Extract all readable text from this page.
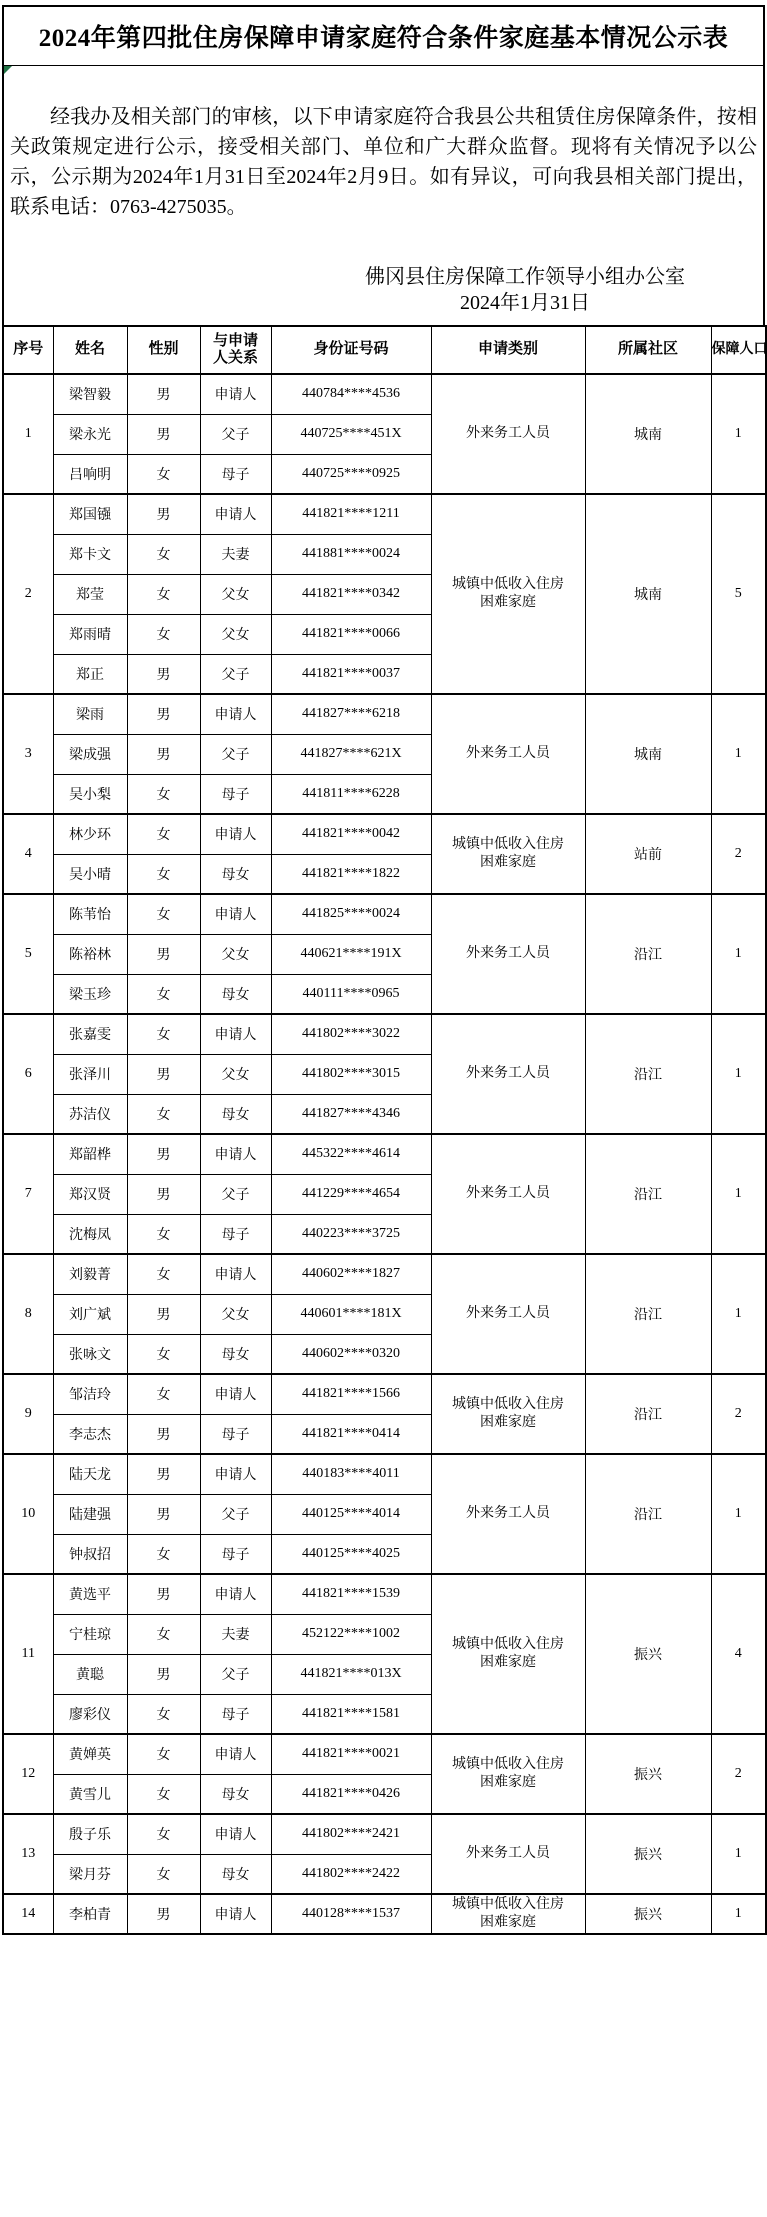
2024年第四批住房保障申请家庭符合条件家庭基本情况公示表

经我办及相关部门的审核，以下申请家庭符合我县公共租赁住房保障条件，按相关政策规定进行公示，接受相关部门、单位和广大群众监督。现将有关情况予以公示，公示期为2024年1月31日至2024年2月9日。如有异议，可向我县相关部门提出，联系电话：0763-4275035。

佛冈县住房保障工作领导小组办公室
2024年1月31日
序号	姓名	性别	与申请人关系	身份证号码	申请类别	所属社区	保障人口
1	梁智毅	男	申请人	440784****4536	外来务工人员	城南	1
	梁永光	男	父子	440725****451X			
	吕响明	女	母子	440725****0925			
2	郑国镪	男	申请人	441821****1211	城镇中低收入住房困难家庭	城南	5
	郑卡文	女	夫妻	441881****0024			
	郑莹	女	父女	441821****0342			
	郑雨晴	女	父女	441821****0066			
	郑正	男	父子	441821****0037			
3	梁雨	男	申请人	441827****6218	外来务工人员	城南	1
	梁成强	男	父子	441827****621X			
	吴小梨	女	母子	441811****6228			
4	林少环	女	申请人	441821****0042	城镇中低收入住房困难家庭	站前	2
	吴小晴	女	母女	441821****1822			
5	陈苇怡	女	申请人	441825****0024	外来务工人员	沿江	1
	陈裕林	男	父女	440621****191X			
	梁玉珍	女	母女	440111****0965			
6	张嘉雯	女	申请人	441802****3022	外来务工人员	沿江	1
	张泽川	男	父女	441802****3015			
	苏洁仪	女	母女	441827****4346			
7	郑韶桦	男	申请人	445322****4614	外来务工人员	沿江	1
	郑汉贤	男	父子	441229****4654			
	沈梅凤	女	母子	440223****3725			
8	刘毅菁	女	申请人	440602****1827	外来务工人员	沿江	1
	刘广斌	男	父女	440601****181X			
	张咏文	女	母女	440602****0320			
9	邹洁玲	女	申请人	441821****1566	城镇中低收入住房困难家庭	沿江	2
	李志杰	男	母子	441821****0414			
10	陆天龙	男	申请人	440183****4011	外来务工人员	沿江	1
	陆建强	男	父子	440125****4014			
	钟叔招	女	母子	440125****4025			
11	黄选平	男	申请人	441821****1539	城镇中低收入住房困难家庭	振兴	4
	宁桂琼	女	夫妻	452122****1002			
	黄聪	男	父子	441821****013X			
	廖彩仪	女	母子	441821****1581			
12	黄婵英	女	申请人	441821****0021	城镇中低收入住房困难家庭	振兴	2
	黄雪儿	女	母女	441821****0426			
13	殷子乐	女	申请人	441802****2421	外来务工人员	振兴	1
	梁月芬	女	母女	441802****2422			
14	李柏青	男	申请人	440128****1537	城镇中低收入住房困难家庭	振兴	1
